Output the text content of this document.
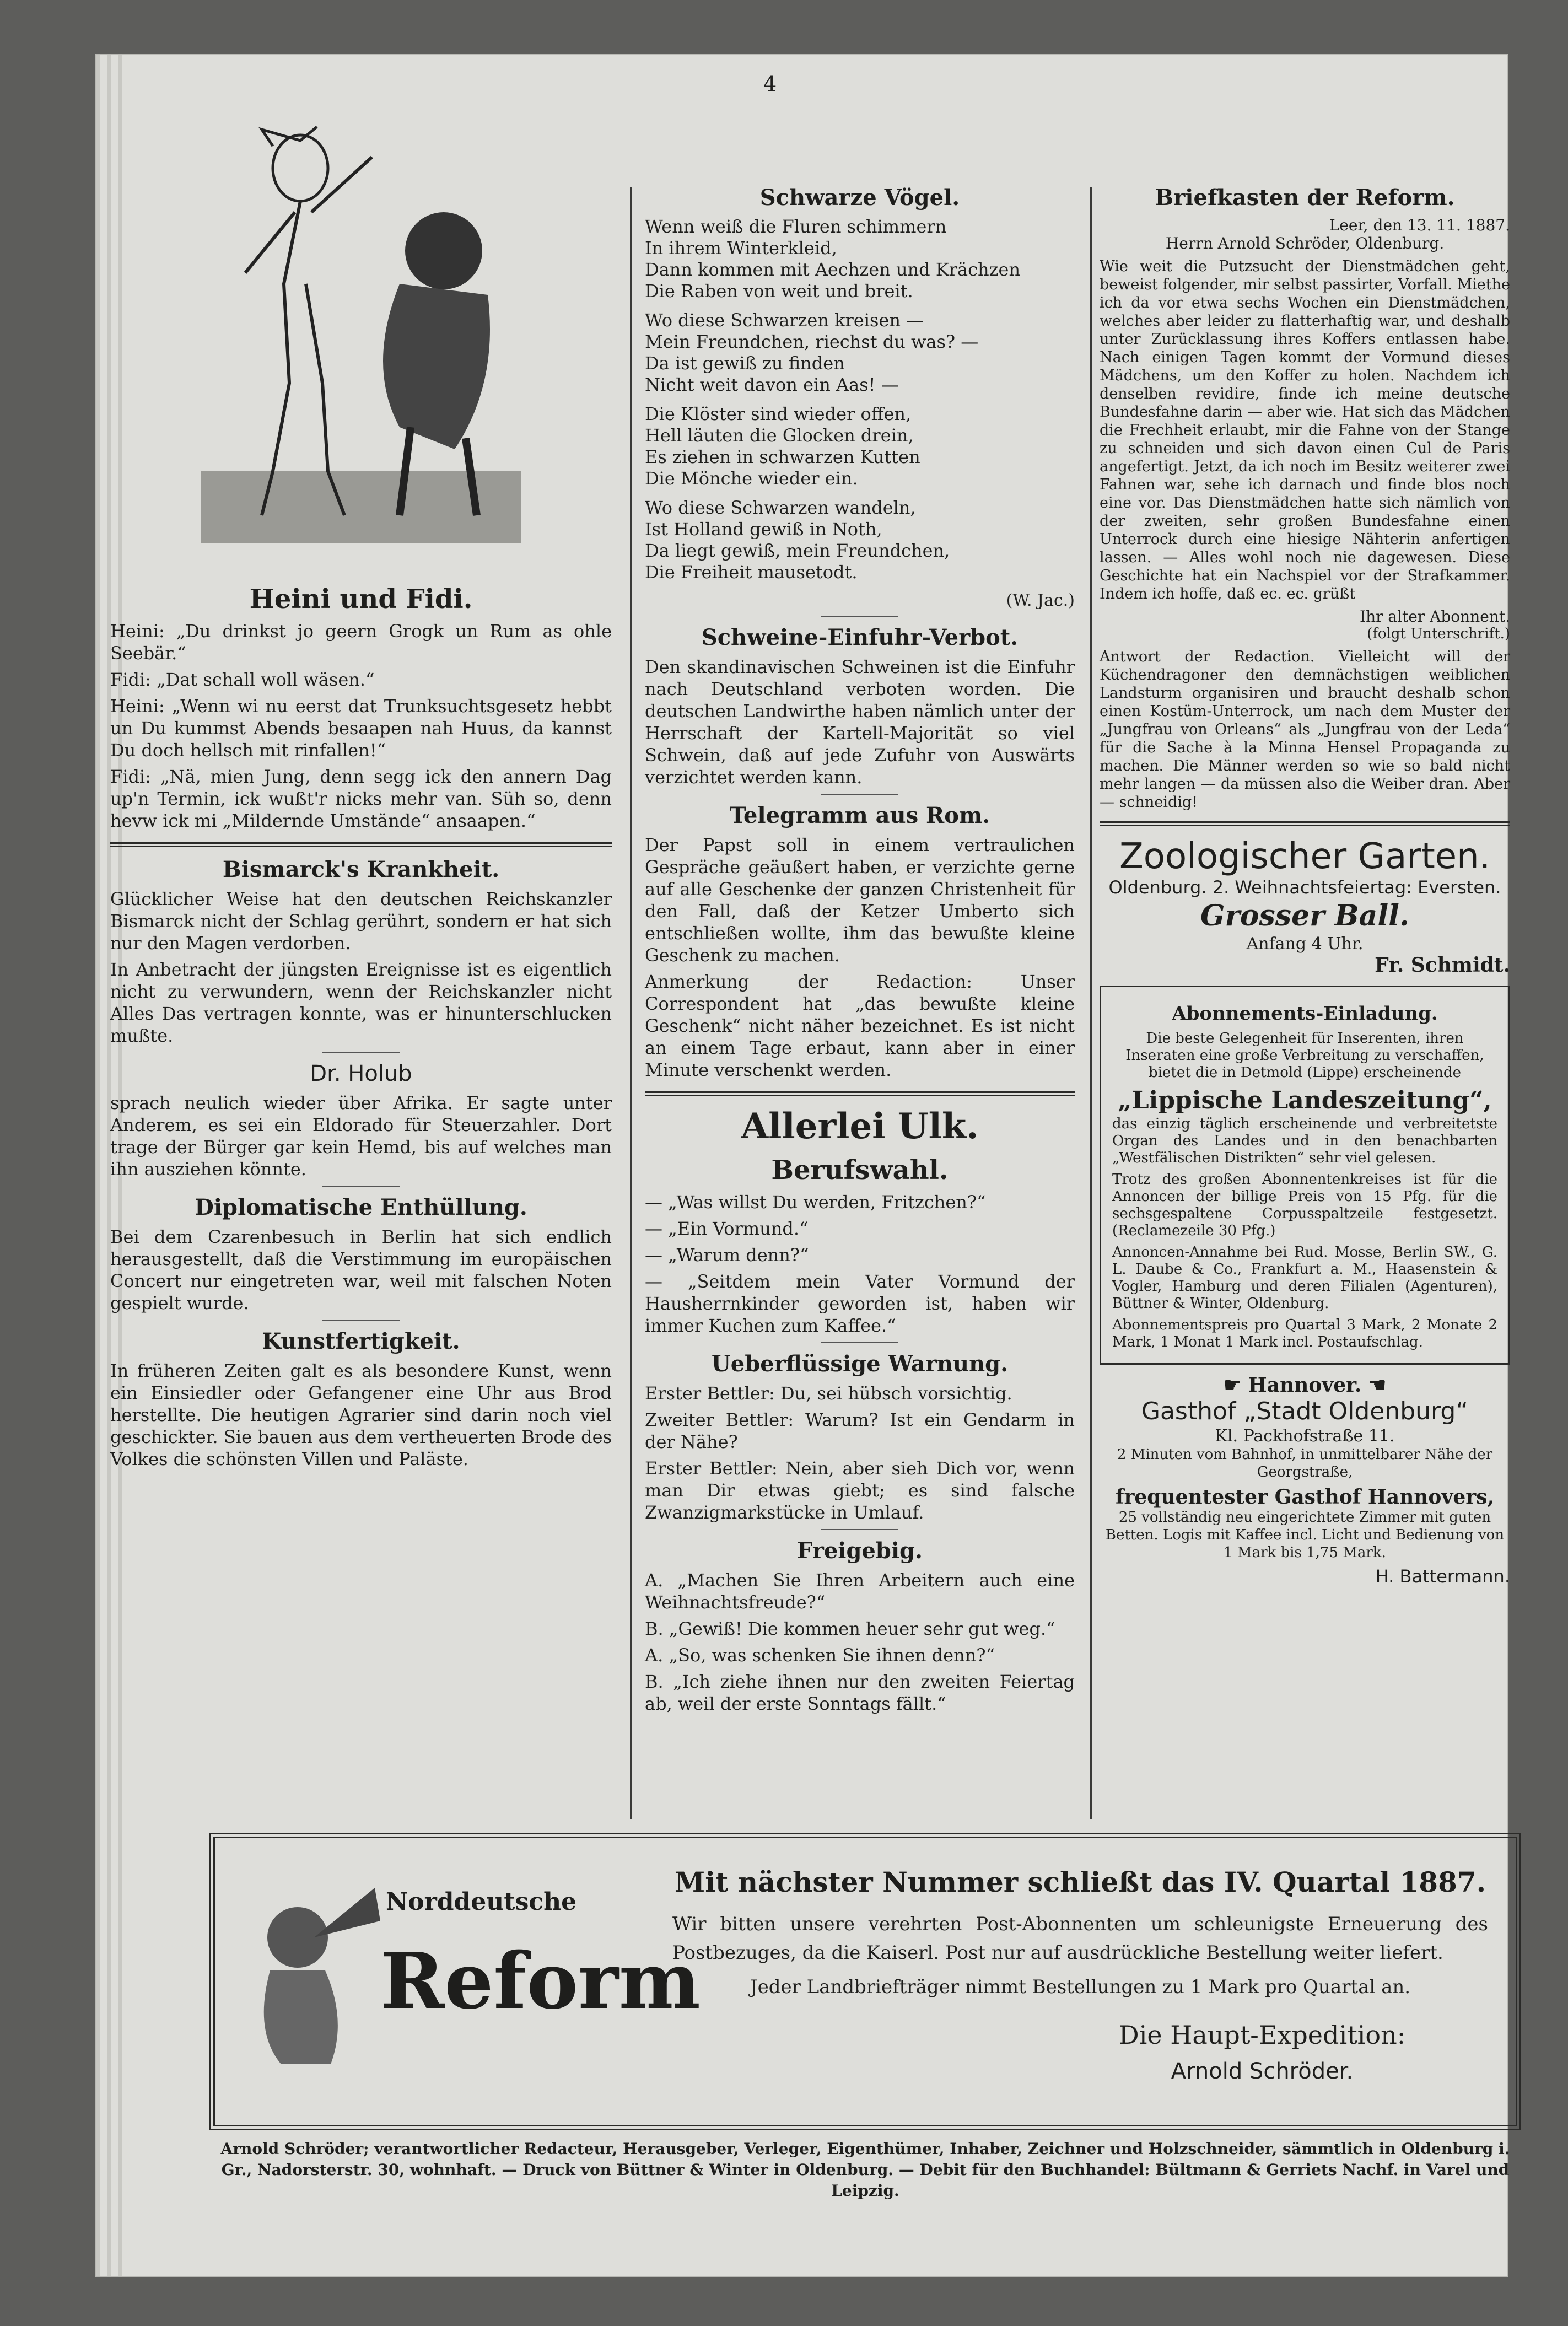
4
Heini und Fidi.

Heini: „Du drinkst jo geern Grogk un Rum as ohle Seebär.“

Fidi: „Dat schall woll wäsen.“

Heini: „Wenn wi nu eerst dat Trunksuchtsgesetz hebbt un Du kummst Abends besaapen nah Huus, da kannst Du doch hellsch mit rinfallen!“

Fidi: „Nä, mien Jung, denn segg ick den annern Dag up'n Termin, ick wußt'r nicks mehr van. Süh so, denn hevw ick mi „Mildernde Umstände“ ansaapen.“

Bismarck's Krankheit.

Glücklicher Weise hat den deutschen Reichskanzler Bismarck nicht der Schlag gerührt, sondern er hat sich nur den Magen verdorben.

In Anbetracht der jüngsten Ereignisse ist es eigentlich nicht zu verwundern, wenn der Reichskanzler nicht Alles Das vertragen konnte, was er hinunterschlucken mußte.

Dr. Holub

sprach neulich wieder über Afrika. Er sagte unter Anderem, es sei ein Eldorado für Steuerzahler. Dort trage der Bürger gar kein Hemd, bis auf welches man ihn ausziehen könnte.

Diplomatische Enthüllung.

Bei dem Czarenbesuch in Berlin hat sich endlich herausgestellt, daß die Verstimmung im europäischen Concert nur eingetreten war, weil mit falschen Noten gespielt wurde.

Kunstfertigkeit.

In früheren Zeiten galt es als besondere Kunst, wenn ein Einsiedler oder Gefangener eine Uhr aus Brod herstellte. Die heutigen Agrarier sind darin noch viel geschickter. Sie bauen aus dem vertheuerten Brode des Volkes die schönsten Villen und Paläste.

Schwarze Vögel.
Wenn weiß die Fluren schimmern
In ihrem Winterkleid,
Dann kommen mit Aechzen und Krächzen
Die Raben von weit und breit.
Wo diese Schwarzen kreisen —
Mein Freundchen, riechst du was? —
Da ist gewiß zu finden
Nicht weit davon ein Aas! —
Die Klöster sind wieder offen,
Hell läuten die Glocken drein,
Es ziehen in schwarzen Kutten
Die Mönche wieder ein.
Wo diese Schwarzen wandeln,
Ist Holland gewiß in Noth,
Da liegt gewiß, mein Freundchen,
Die Freiheit mausetodt.
(W. Jac.)
Schweine-Einfuhr-Verbot.

Den skandinavischen Schweinen ist die Einfuhr nach Deutschland verboten worden. Die deutschen Landwirthe haben nämlich unter der Herrschaft der Kartell-Majorität so viel Schwein, daß auf jede Zufuhr von Auswärts verzichtet werden kann.

Telegramm aus Rom.

Der Papst soll in einem vertraulichen Gespräche geäußert haben, er verzichte gerne auf alle Geschenke der ganzen Christenheit für den Fall, daß der Ketzer Umberto sich entschließen wollte, ihm das bewußte kleine Geschenk zu machen.

Anmerkung der Redaction: Unser Correspondent hat „das bewußte kleine Geschenk“ nicht näher bezeichnet. Es ist nicht an einem Tage erbaut, kann aber in einer Minute verschenkt werden.

Allerlei Ulk.
Berufswahl.

— „Was willst Du werden, Fritzchen?“

— „Ein Vormund.“

— „Warum denn?“

— „Seitdem mein Vater Vormund der Hausherrnkinder geworden ist, haben wir immer Kuchen zum Kaffee.“

Ueberflüssige Warnung.

Erster Bettler: Du, sei hübsch vorsichtig.

Zweiter Bettler: Warum? Ist ein Gendarm in der Nähe?

Erster Bettler: Nein, aber sieh Dich vor, wenn man Dir etwas giebt; es sind falsche Zwanzigmarkstücke in Umlauf.

Freigebig.

A. „Machen Sie Ihren Arbeitern auch eine Weihnachtsfreude?“

B. „Gewiß! Die kommen heuer sehr gut weg.“

A. „So, was schenken Sie ihnen denn?“

B. „Ich ziehe ihnen nur den zweiten Feiertag ab, weil der erste Sonntags fällt.“

Briefkasten der Reform.
Leer, den 13. 11. 1887.

Herrn Arnold Schröder, Oldenburg.

Wie weit die Putzsucht der Dienstmädchen geht, beweist folgender, mir selbst passirter, Vorfall. Miethe ich da vor etwa sechs Wochen ein Dienstmädchen, welches aber leider zu flatterhaftig war, und deshalb unter Zurücklassung ihres Koffers entlassen habe. Nach einigen Tagen kommt der Vormund dieses Mädchens, um den Koffer zu holen. Nachdem ich denselben revidire, finde ich meine deutsche Bundesfahne darin — aber wie. Hat sich das Mädchen die Frechheit erlaubt, mir die Fahne von der Stange zu schneiden und sich davon einen Cul de Paris angefertigt. Jetzt, da ich noch im Besitz weiterer zwei Fahnen war, sehe ich darnach und finde blos noch eine vor. Das Dienstmädchen hatte sich nämlich von der zweiten, sehr großen Bundesfahne einen Unterrock durch eine hiesige Nähterin anfertigen lassen. — Alles wohl noch nie dagewesen. Diese Geschichte hat ein Nachspiel vor der Strafkammer. Indem ich hoffe, daß ec. ec. grüßt

Ihr alter Abonnent.
(folgt Unterschrift.)

Antwort der Redaction. Vielleicht will der Küchendragoner den demnächstigen weiblichen Landsturm organisiren und braucht deshalb schon einen Kostüm-Unterrock, um nach dem Muster der „Jungfrau von Orleans“ als „Jungfrau von der Leda“ für die Sache à la Minna Hensel Propaganda zu machen. Die Männer werden so wie so bald nicht mehr langen — da müssen also die Weiber dran. Aber — schneidig!

Zoologischer Garten.
Oldenburg. 2. Weihnachtsfeiertag: Eversten.
Grosser Ball.
Anfang 4 Uhr.
Fr. Schmidt.
Abonnements-Einladung.

Die beste Gelegenheit für Inserenten, ihren Inseraten eine große Verbreitung zu verschaffen, bietet die in Detmold (Lippe) erscheinende

„Lippische Landeszeitung“,

das einzig täglich erscheinende und verbreitetste Organ des Landes und in den benachbarten „Westfälischen Distrikten“ sehr viel gelesen.

Trotz des großen Abonnentenkreises ist für die Annoncen der billige Preis von 15 Pfg. für die sechsgespaltene Corpusspaltzeile festgesetzt. (Reclamezeile 30 Pfg.)

Annoncen-Annahme bei Rud. Mosse, Berlin SW., G. L. Daube & Co., Frankfurt a. M., Haasenstein & Vogler, Hamburg und deren Filialen (Agenturen), Büttner & Winter, Oldenburg.

Abonnementspreis pro Quartal 3 Mark, 2 Monate 2 Mark, 1 Monat 1 Mark incl. Postaufschlag.

☛ Hannover. ☚
Gasthof „Stadt Oldenburg“
Kl. Packhofstraße 11.

2 Minuten vom Bahnhof, in unmittelbarer Nähe der Georgstraße,

frequentester Gasthof Hannovers,

25 vollständig neu eingerichtete Zimmer mit guten Betten. Logis mit Kaffee incl. Licht und Bedienung von 1 Mark bis 1,75 Mark.

H. Battermann.
Norddeutsche
Reform
Mit nächster Nummer schließt das IV. Quartal 1887.

Wir bitten unsere verehrten Post-Abonnenten um schleunigste Erneuerung des Postbezuges, da die Kaiserl. Post nur auf ausdrückliche Bestellung weiter liefert.

Jeder Landbriefträger nimmt Bestellungen zu 1 Mark pro Quartal an.

Die Haupt-Expedition:
Arnold Schröder.
Arnold Schröder; verantwortlicher Redacteur, Herausgeber, Verleger, Eigenthümer, Inhaber, Zeichner und Holzschneider, sämmtlich in Oldenburg i. Gr., Nadorsterstr. 30, wohnhaft. — Druck von Büttner & Winter in Oldenburg. — Debit für den Buchhandel: Bültmann & Gerriets Nachf. in Varel und Leipzig.
